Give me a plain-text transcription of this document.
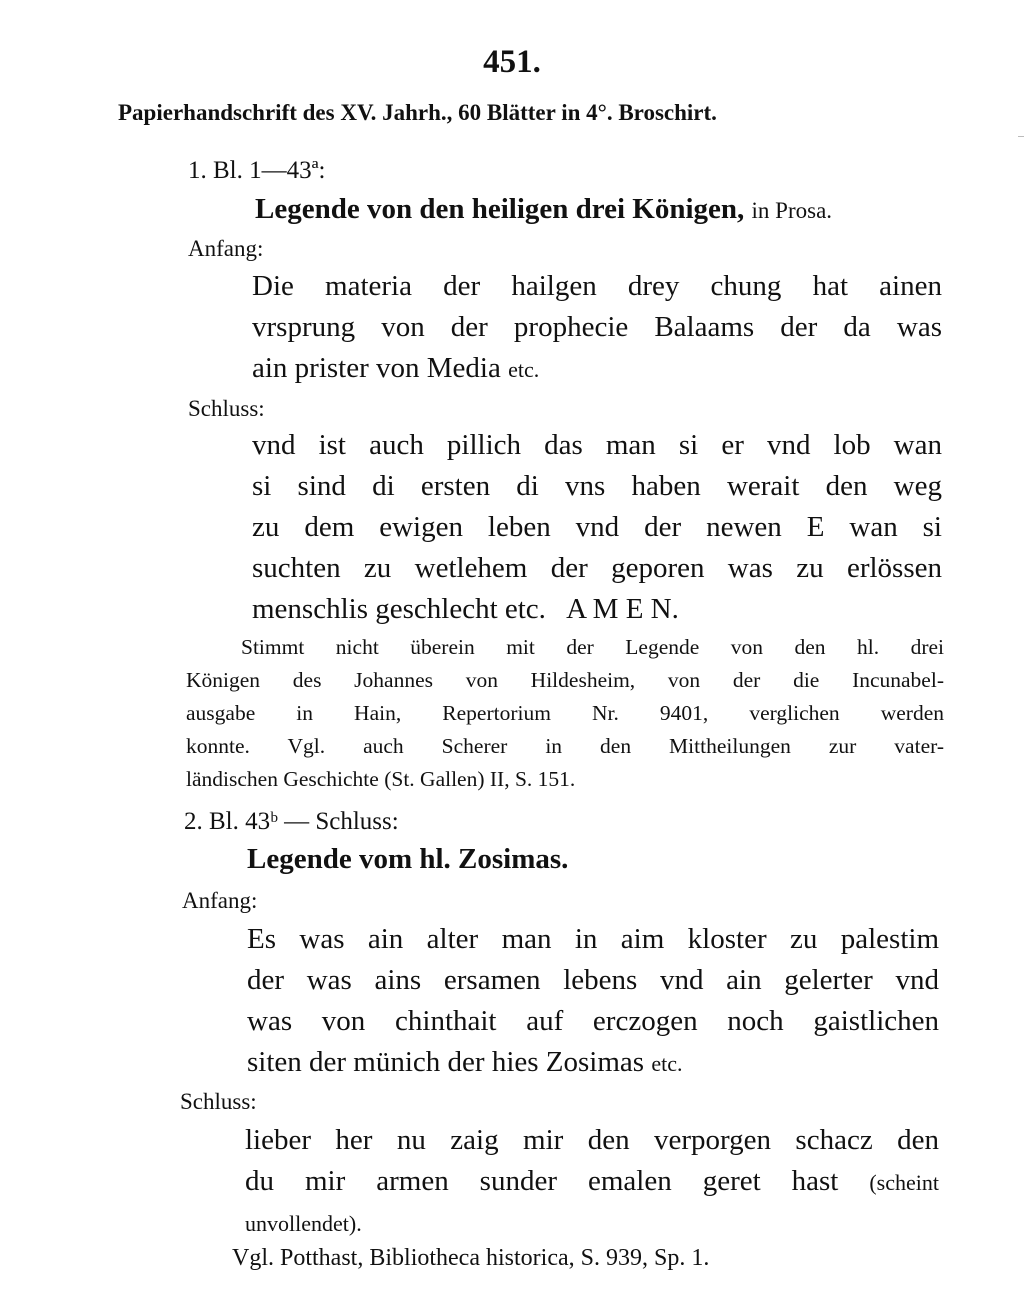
451.
Papierhandschrift des XV. Jahrh., 60 Blätter in 4°. Broschirt.
1. Bl. 1—43ª:
Legende von den heiligen drei Königen, in Prosa.
Anfang:
Die materia der hailgen drey chung hat ainen
vrsprung von der prophecie Balaams der da was
ain prister von Media etc.
Schluss:
vnd ist auch pillich das man si er vnd lob wan
si sind di ersten di vns haben werait den weg
zu dem ewigen leben vnd der newen E wan si
suchten zu wetlehem der geporen was zu erlössen
menschlis geschlecht etc.   A M E N.
Stimmt nicht überein mit der Legende von den hl. drei
Königen des Johannes von Hildesheim, von der die Incunabel-
ausgabe in Hain, Repertorium Nr. 9401, verglichen werden
konnte. Vgl. auch Scherer in den Mittheilungen zur vater-
ländischen Geschichte (St. Gallen) II, S. 151.
2. Bl. 43ᵇ — Schluss:
Legende vom hl. Zosimas.
Anfang:
Es was ain alter man in aim kloster zu palestim
der was ains ersamen lebens vnd ain gelerter vnd
was von chinthait auf erczogen noch gaistlichen
siten der münich der hies Zosimas etc.
Schluss:
lieber her nu zaig mir den verporgen schacz den
du mir armen sunder emalen geret hast (scheint
unvollendet).
Vgl. Potthast, Bibliotheca historica, S. 939, Sp. 1.
